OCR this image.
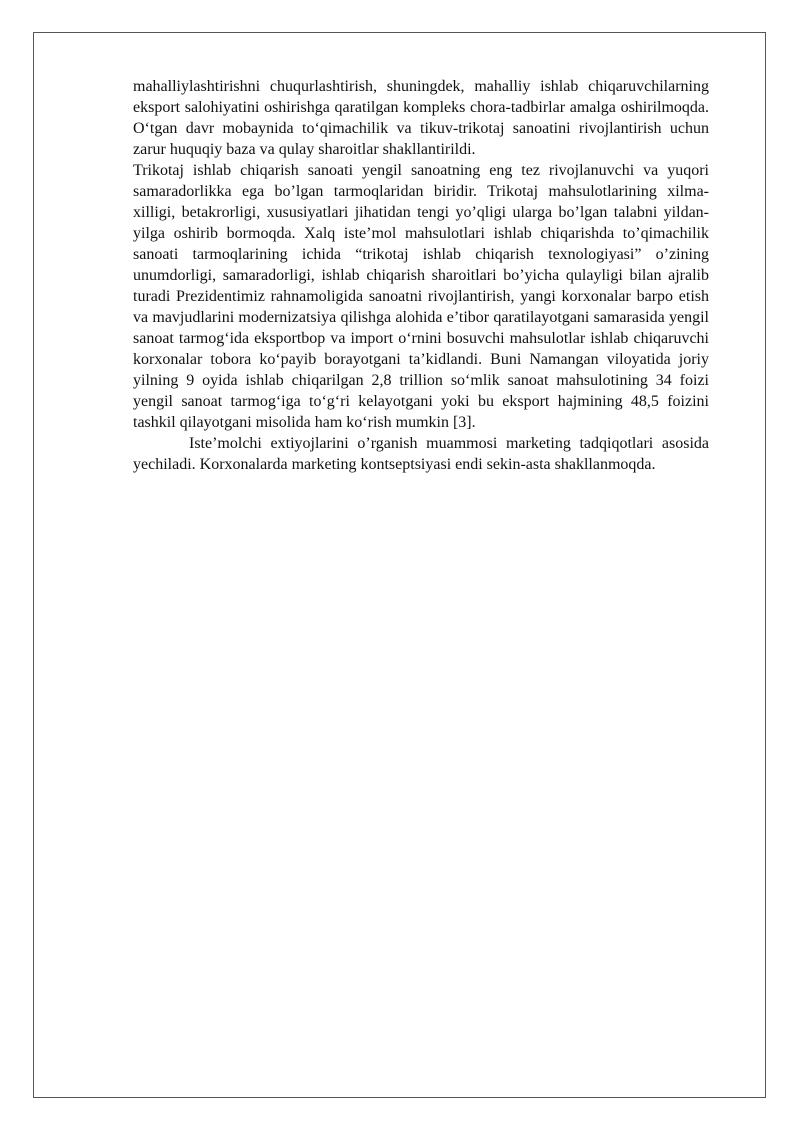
mahalliylashtirishni chuqurlashtirish, shuningdek, mahalliy ishlab chiqaruvchilarning eksport salohiyatini oshirishga qaratilgan kompleks chora-tadbirlar amalga oshirilmoqda. O‘tgan davr mobaynida to‘qimachilik va tikuv-trikotaj sanoatini rivojlantirish uchun zarur huquqiy baza va qulay sharoitlar shakllantirildi.

Trikotaj ishlab chiqarish sanoati yengil sanoatning eng tez rivojlanuvchi va yuqori samaradorlikka ega bo’lgan tarmoqlaridan biridir. Trikotaj mahsulotlarining xilma- xilligi, betakrorligi, xususiyatlari jihatidan tengi yo’qligi ularga bo’lgan talabni yildan-yilga oshirib bormoqda. Xalq iste’mol mahsulotlari ishlab chiqarishda to’qimachilik sanoati tarmoqlarining ichida “trikotaj ishlab chiqarish texnologiyasi” o’zining unumdorligi, samaradorligi, ishlab chiqarish sharoitlari bo’yicha qulayligi bilan ajralib turadi Prezidentimiz rahnamoligida sanoatni rivojlantirish, yangi korxonalar barpo etish va mavjudlarini modernizatsiya qilishga alohida e’tibor qaratilayotgani samarasida yengil sanoat tarmog‘ida eksportbop va import o‘rnini bosuvchi mahsulotlar ishlab chiqaruvchi korxonalar tobora ko‘payib borayotgani ta’kidlandi. Buni Namangan viloyatida joriy yilning 9 oyida ishlab chiqarilgan 2,8 trillion so‘mlik sanoat mahsulotining 34 foizi yengil sanoat tarmog‘iga to‘g‘ri kelayotgani yoki bu eksport hajmining 48,5 foizini tashkil qilayotgani misolida ham ko‘rish mumkin [3].

Iste’molchi extiyojlarini o’rganish muammosi marketing tadqiqotlari asosida yechiladi. Korxonalarda marketing kontseptsiyasi endi sekin-asta shakllanmoqda.
